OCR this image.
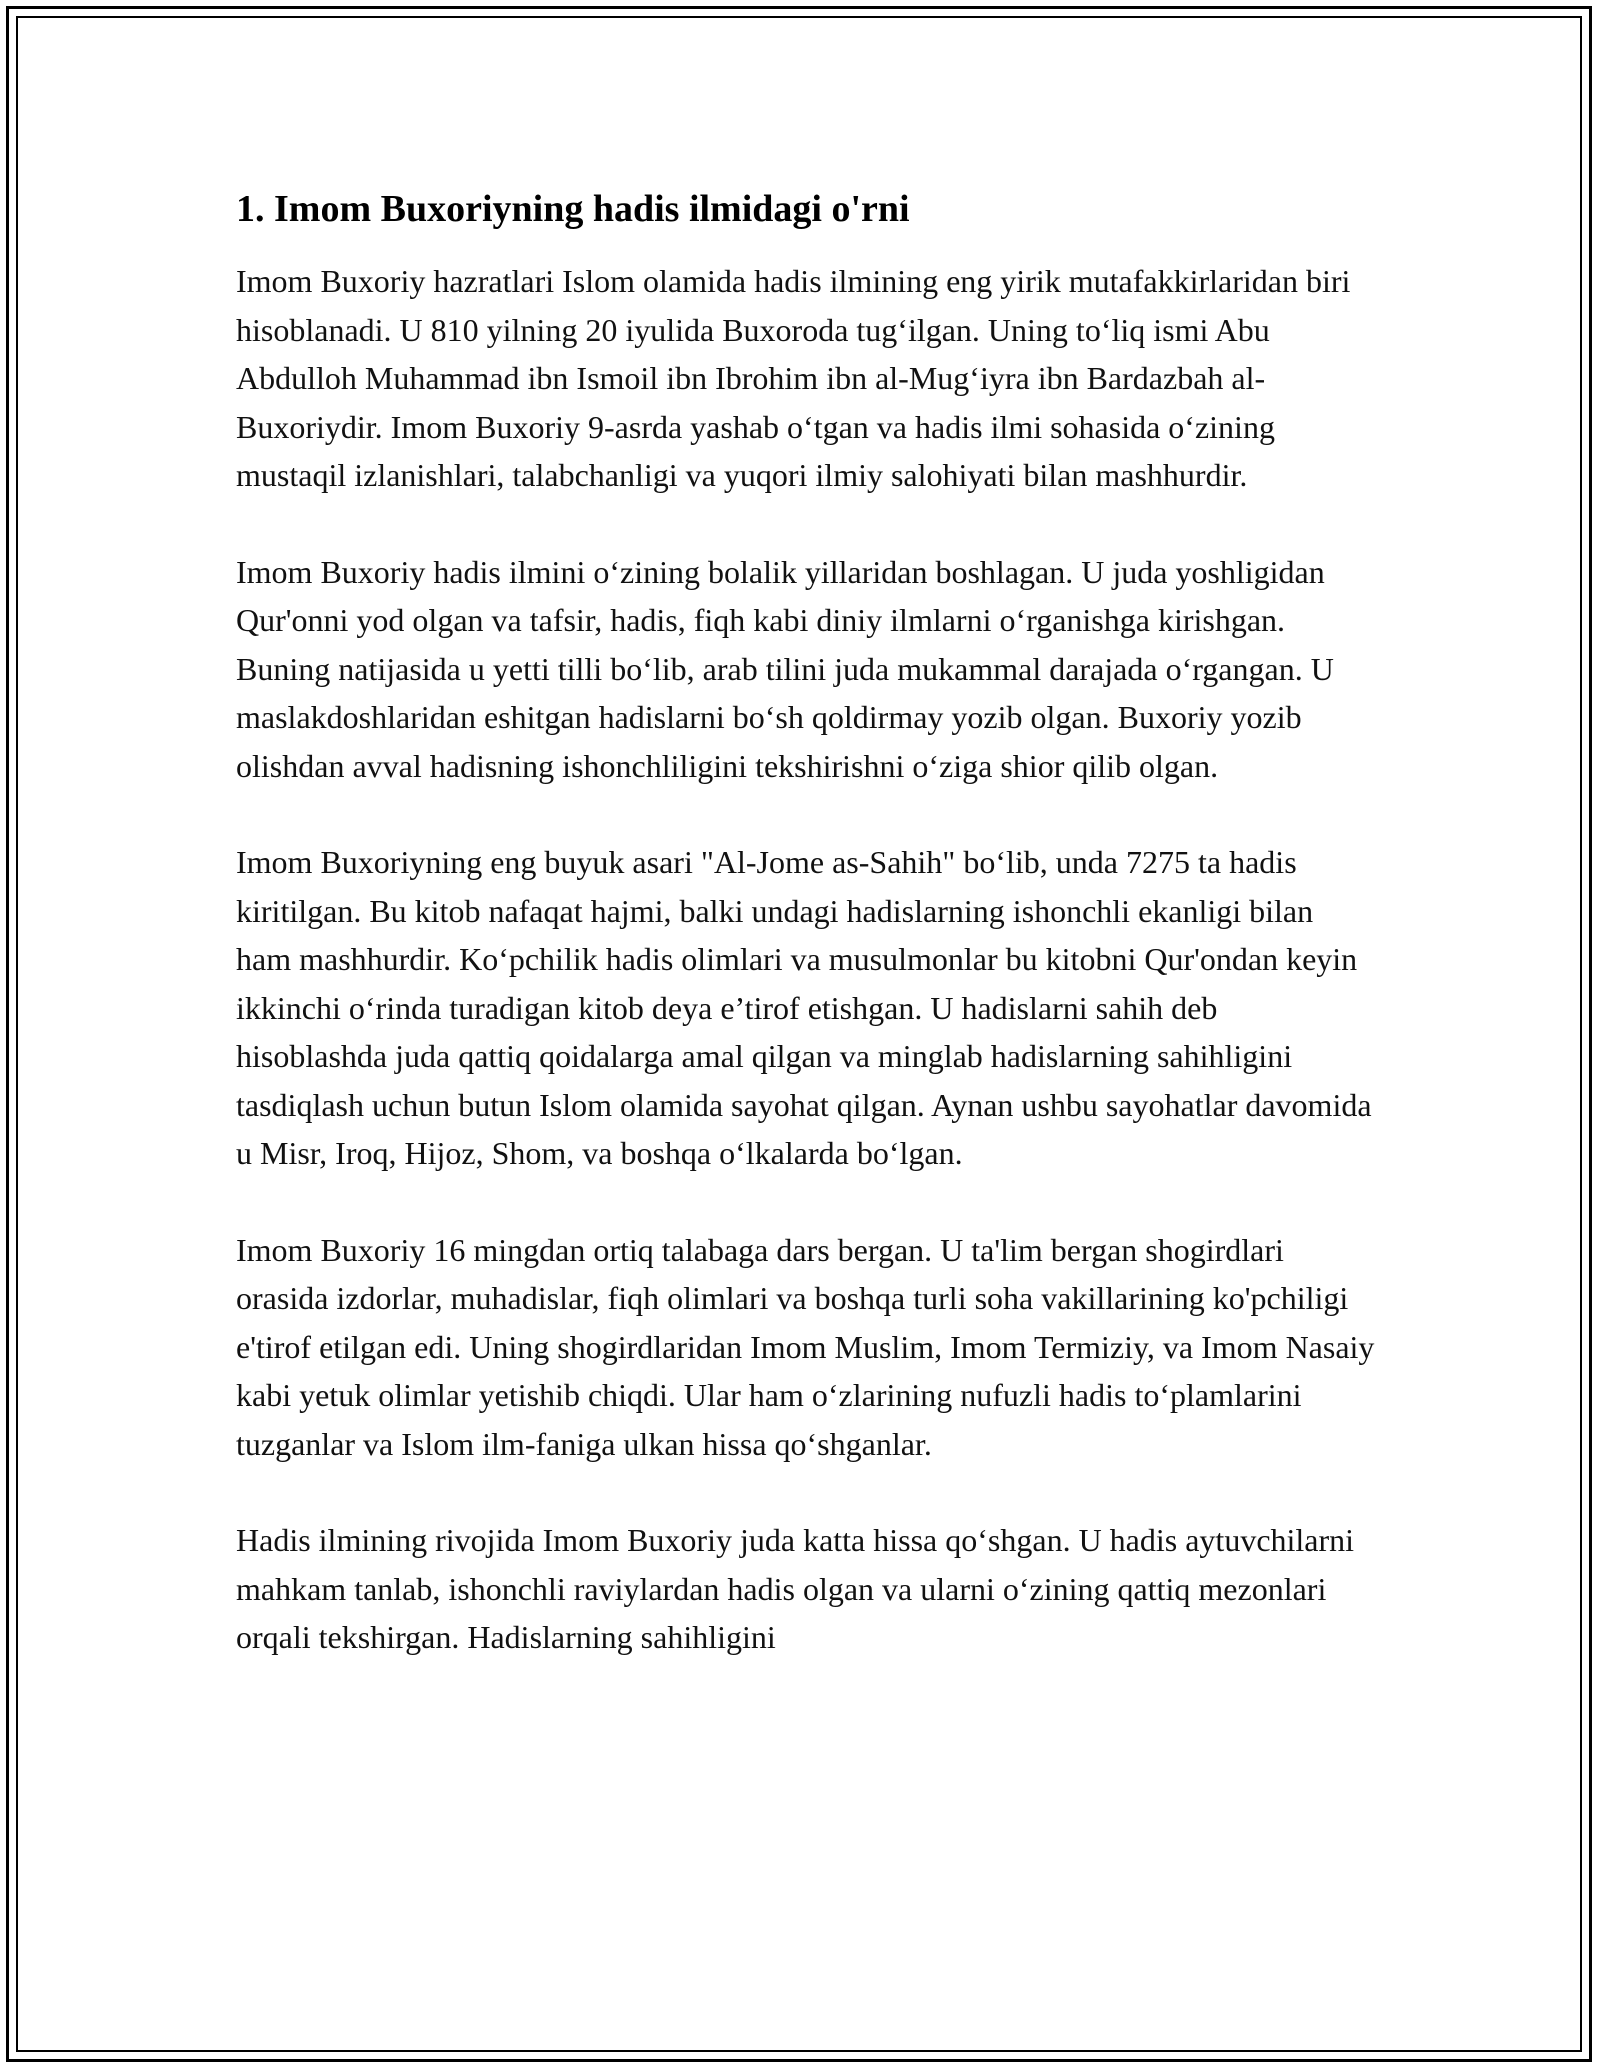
1. Imom Buxoriyning hadis ilmidagi o'rni

Imom Buxoriy hazratlari Islom olamida hadis ilmining eng yirik mutafakkirlaridan biri hisoblanadi. U 810 yilning 20 iyulida Buxoroda tug‘ilgan. Uning to‘liq ismi Abu Abdulloh Muhammad ibn Ismoil ibn Ibrohim ibn al-Mug‘iyra ibn Bardazbah al-Buxoriydir. Imom Buxoriy 9-asrda yashab o‘tgan va hadis ilmi sohasida o‘zining mustaqil izlanishlari, talabchanligi va yuqori ilmiy salohiyati bilan mashhurdir.

Imom Buxoriy hadis ilmini o‘zining bolalik yillaridan boshlagan. U juda yoshligidan Qur'onni yod olgan va tafsir, hadis, fiqh kabi diniy ilmlarni o‘rganishga kirishgan. Buning natijasida u yetti tilli bo‘lib, arab tilini juda mukammal darajada o‘rgangan. U maslakdoshlaridan eshitgan hadislarni bo‘sh qoldirmay yozib olgan. Buxoriy yozib olishdan avval hadisning ishonchliligini tekshirishni o‘ziga shior qilib olgan.

Imom Buxoriyning eng buyuk asari "Al-Jome as-Sahih" bo‘lib, unda 7275 ta hadis kiritilgan. Bu kitob nafaqat hajmi, balki undagi hadislarning ishonchli ekanligi bilan ham mashhurdir. Ko‘pchilik hadis olimlari va musulmonlar bu kitobni Qur'ondan keyin ikkinchi o‘rinda turadigan kitob deya e’tirof etishgan. U hadislarni sahih deb hisoblashda juda qattiq qoidalarga amal qilgan va minglab hadislarning sahihligini tasdiqlash uchun butun Islom olamida sayohat qilgan. Aynan ushbu sayohatlar davomida u Misr, Iroq, Hijoz, Shom, va boshqa o‘lkalarda bo‘lgan.

Imom Buxoriy 16 mingdan ortiq talabaga dars bergan. U ta'lim bergan shogirdlari orasida izdorlar, muhadislar, fiqh olimlari va boshqa turli soha vakillarining ko'pchiligi e'tirof etilgan edi. Uning shogirdlaridan Imom Muslim, Imom Termiziy, va Imom Nasaiy kabi yetuk olimlar yetishib chiqdi. Ular ham o‘zlarining nufuzli hadis to‘plamlarini tuzganlar va Islom ilm-faniga ulkan hissa qo‘shganlar.

Hadis ilmining rivojida Imom Buxoriy juda katta hissa qo‘shgan. U hadis aytuvchilarni mahkam tanlab, ishonchli raviylardan hadis olgan va ularni o‘zining qattiq mezonlari orqali tekshirgan. Hadislarning sahihligini
